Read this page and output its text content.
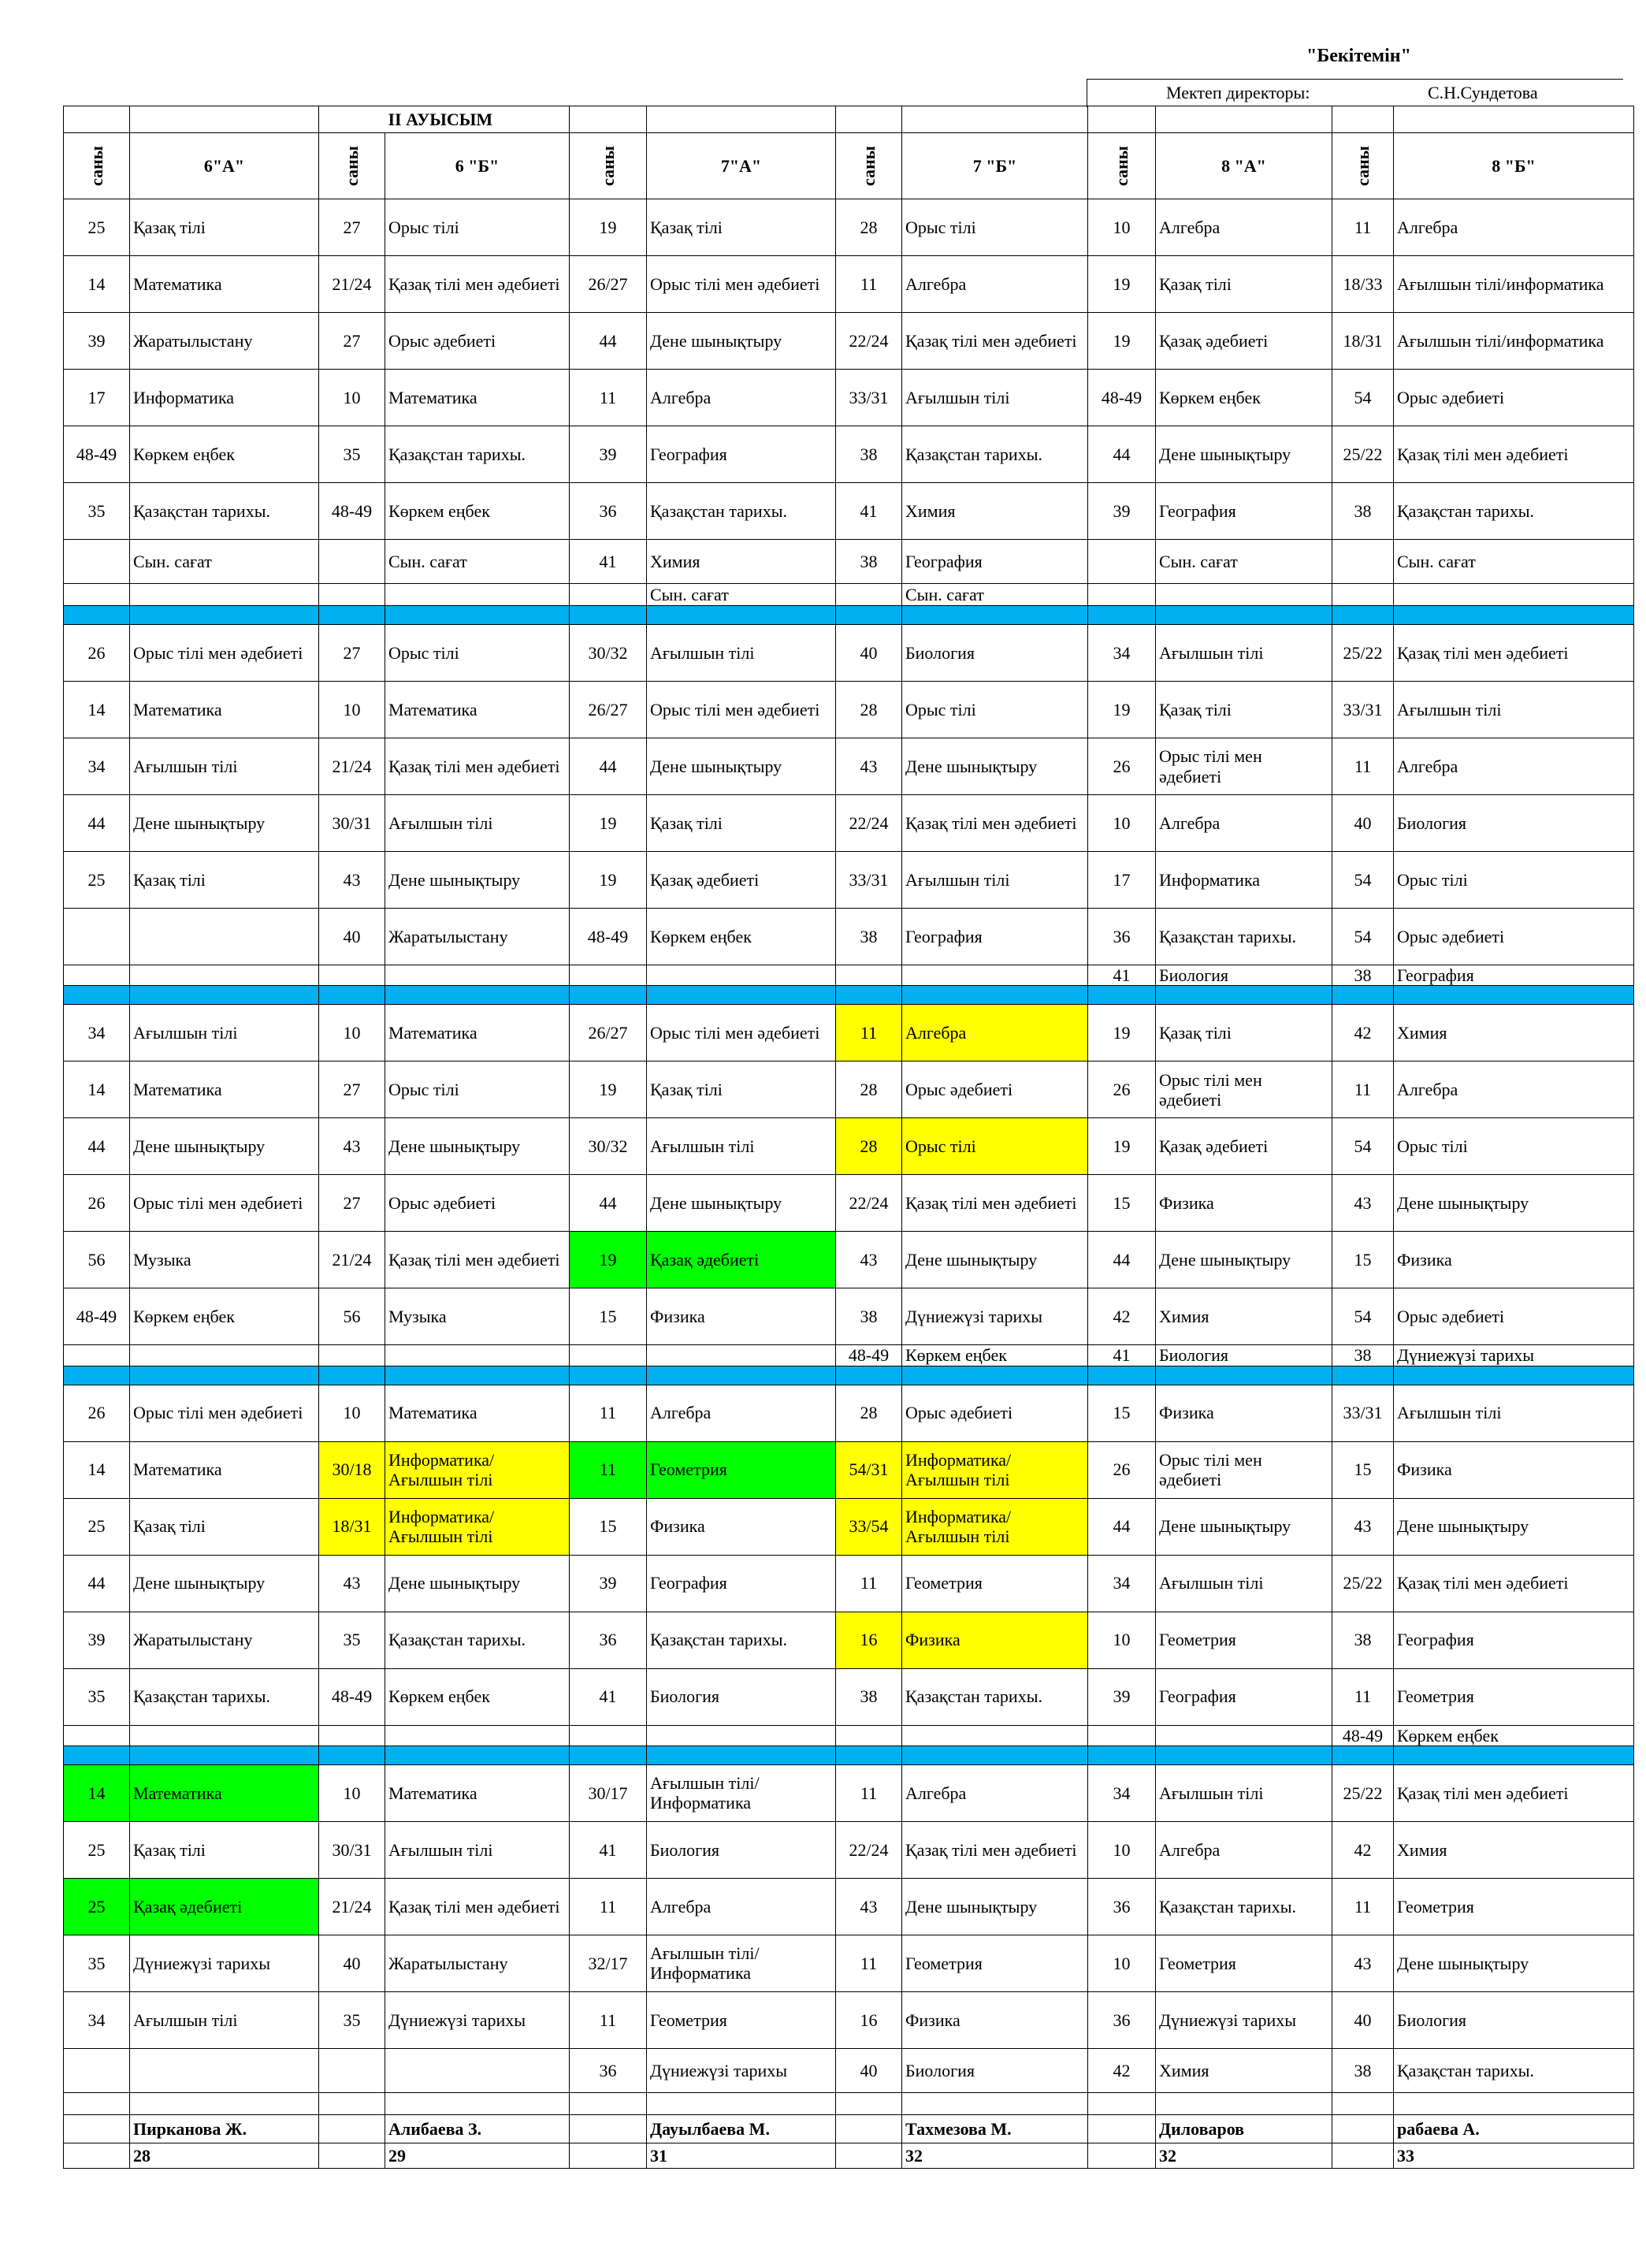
"Бекітемін"
Мектеп директоры:	С.Н.Сундетова
			II АУЫСЫМ								
саны	6"А"	саны	6 "Б"	саны	7"А"	саны	7 "Б"	саны	8 "А"	саны	8 "Б"
25	Қазақ тілі	27	Орыс тілі	19	Қазақ тілі	28	Орыс тілі	10	Алгебра	11	Алгебра
14	Математика	21/24	Қазақ тілі мен әдебиеті	26/27	Орыс тілі мен әдебиеті	11	Алгебра	19	Қазақ тілі	18/33	Ағылшын тілі/информатика
39	Жаратылыстану	27	Орыс әдебиеті	44	Дене шынықтыру	22/24	Қазақ тілі мен әдебиеті	19	Қазақ әдебиеті	18/31	Ағылшын тілі/информатика
17	Информатика	10	Математика	11	Алгебра	33/31	Ағылшын тілі	48-49	Көркем еңбек	54	Орыс әдебиеті
48-49	Көркем еңбек	35	Қазақстан тарихы.	39	География	38	Қазақстан тарихы.	44	Дене шынықтыру	25/22	Қазақ тілі мен әдебиеті
35	Қазақстан тарихы.	48-49	Көркем еңбек	36	Қазақстан тарихы.	41	Химия	39	География	38	Қазақстан тарихы.
	Сын. сағат		Сын. сағат	41	Химия	38	География		Сын. сағат		Сын. сағат
					Сын. сағат		Сын. сағат				

26	Орыс тілі мен әдебиеті	27	Орыс тілі	30/32	Ағылшын тілі	40	Биология	34	Ағылшын тілі	25/22	Қазақ тілі мен әдебиеті
14	Математика	10	Математика	26/27	Орыс тілі мен әдебиеті	28	Орыс тілі	19	Қазақ тілі	33/31	Ағылшын тілі
34	Ағылшын тілі	21/24	Қазақ тілі мен әдебиеті	44	Дене шынықтыру	43	Дене шынықтыру	26	Орыс тілі мен әдебиеті	11	Алгебра
44	Дене шынықтыру	30/31	Ағылшын тілі	19	Қазақ тілі	22/24	Қазақ тілі мен әдебиеті	10	Алгебра	40	Биология
25	Қазақ тілі	43	Дене шынықтыру	19	Қазақ әдебиеті	33/31	Ағылшын тілі	17	Информатика	54	Орыс тілі
		40	Жаратылыстану	48-49	Көркем еңбек	38	География	36	Қазақстан тарихы.	54	Орыс әдебиеті
								41	Биология	38	География

34	Ағылшын тілі	10	Математика	26/27	Орыс тілі мен әдебиеті	11	Алгебра	19	Қазақ тілі	42	Химия
14	Математика	27	Орыс тілі	19	Қазақ тілі	28	Орыс әдебиеті	26	Орыс тілі мен әдебиеті	11	Алгебра
44	Дене шынықтыру	43	Дене шынықтыру	30/32	Ағылшын тілі	28	Орыс тілі	19	Қазақ әдебиеті	54	Орыс тілі
26	Орыс тілі мен әдебиеті	27	Орыс әдебиеті	44	Дене шынықтыру	22/24	Қазақ тілі мен әдебиеті	15	Физика	43	Дене шынықтыру
56	Музыка	21/24	Қазақ тілі мен әдебиеті	19	Қазақ әдебиеті	43	Дене шынықтыру	44	Дене шынықтыру	15	Физика
48-49	Көркем еңбек	56	Музыка	15	Физика	38	Дүниежүзі тарихы	42	Химия	54	Орыс әдебиеті
						48-49	Көркем еңбек	41	Биология	38	Дүниежүзі тарихы

26	Орыс тілі мен әдебиеті	10	Математика	11	Алгебра	28	Орыс әдебиеті	15	Физика	33/31	Ағылшын тілі
14	Математика	30/18	Информатика/ Ағылшын тілі	11	Геометрия	54/31	Информатика/ Ағылшын тілі	26	Орыс тілі мен әдебиеті	15	Физика
25	Қазақ тілі	18/31	Информатика/ Ағылшын тілі	15	Физика	33/54	Информатика/ Ағылшын тілі	44	Дене шынықтыру	43	Дене шынықтыру
44	Дене шынықтыру	43	Дене шынықтыру	39	География	11	Геометрия	34	Ағылшын тілі	25/22	Қазақ тілі мен әдебиеті
39	Жаратылыстану	35	Қазақстан тарихы.	36	Қазақстан тарихы.	16	Физика	10	Геометрия	38	География
35	Қазақстан тарихы.	48-49	Көркем еңбек	41	Биология	38	Қазақстан тарихы.	39	География	11	Геометрия
										48-49	Көркем еңбек

14	Математика	10	Математика	30/17	Ағылшын тілі/Информатика	11	Алгебра	34	Ағылшын тілі	25/22	Қазақ тілі мен әдебиеті
25	Қазақ тілі	30/31	Ағылшын тілі	41	Биология	22/24	Қазақ тілі мен әдебиеті	10	Алгебра	42	Химия
25	Қазақ әдебиеті	21/24	Қазақ тілі мен әдебиеті	11	Алгебра	43	Дене шынықтыру	36	Қазақстан тарихы.	11	Геометрия
35	Дүниежүзі тарихы	40	Жаратылыстану	32/17	Ағылшын тілі/Информатика	11	Геометрия	10	Геометрия	43	Дене шынықтыру
34	Ағылшын тілі	35	Дүниежүзі тарихы	11	Геометрия	16	Физика	36	Дүниежүзі тарихы	40	Биология
				36	Дүниежүзі тарихы	40	Биология	42	Химия	38	Қазақстан тарихы.

	Пирканова Ж.		Алибаева З.		Дауылбаева М.		Тахмезова М.		Диловаров		рабаева А.
	28		29		31		32		32		33
